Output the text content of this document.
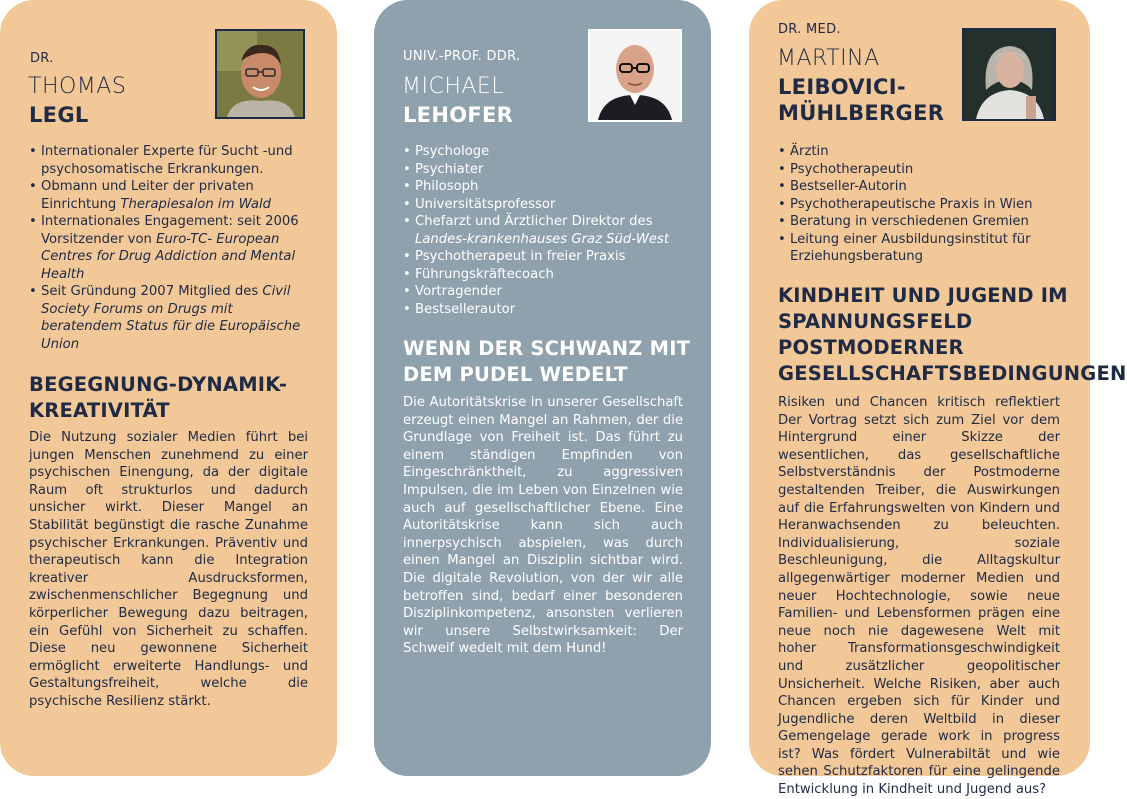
DR.
THOMAS
LEGL
• Internationaler Experte für Sucht -und psychosomatische Erkrankungen.
• Obmann und Leiter der privaten Einrichtung Therapiesalon im Wald
• Internationales Engagement: seit 2006 Vorsitzender von Euro-TC- European Centres for Drug Addiction and Mental Health
• Seit Gründung 2007 Mitglied des Civil Society Forums on Drugs mit beratendem Status für die Europäische Union
BEGEGNUNG-DYNAMIK-KREATIVITÄT
Die Nutzung sozialer Medien führt bei jungen Menschen zunehmend zu einer psychischen Einengung, da der digitale Raum oft strukturlos und dadurch unsicher wirkt. Dieser Mangel an Stabilität begünstigt die rasche Zunahme psychischer Erkrankungen. Präventiv und therapeutisch kann die Integration kreativer Ausdrucksformen, zwischenmenschlicher Begegnung und körperlicher Bewegung dazu beitragen, ein Gefühl von Sicherheit zu schaffen. Diese neu gewonnene Sicherheit ermöglicht erweiterte Handlungs- und Gestaltungsfreiheit, welche die psychische Resilienz stärkt.
UNIV.-PROF. DDR.
MICHAEL
LEHOFER
• Psychologe
• Psychiater
• Philosoph
• Universitätsprofessor
• Chefarzt und Ärztlicher Direktor des Landes-krankenhauses Graz Süd-West
• Psychotherapeut in freier Praxis
• Führungskräftecoach
• Vortragender
• Bestsellerautor
WENN DER SCHWANZ MIT DEM PUDEL WEDELT
Die Autoritätskrise in unserer Gesellschaft erzeugt einen Mangel an Rahmen, der die Grundlage von Freiheit ist. Das führt zu einem ständigen Empfinden von Eingeschränktheit, zu aggressiven Impulsen, die im Leben von Einzelnen wie auch auf gesellschaftlicher Ebene. Eine Autoritätskrise kann sich auch innerpsychisch abspielen, was durch einen Mangel an Disziplin sichtbar wird. Die digitale Revolution, von der wir alle betroffen sind, bedarf einer besonderen Disziplinkompetenz, ansonsten verlieren wir unsere Selbstwirksamkeit: Der Schweif wedelt mit dem Hund!
DR. MED.
MARTINA
LEIBOVICI-MÜHLBERGER
• Ärztin
• Psychotherapeutin
• Bestseller-Autorin
• Psychotherapeutische Praxis in Wien
• Beratung in verschiedenen Gremien
• Leitung einer Ausbildungsinstitut für Erziehungsberatung
KINDHEIT UND JUGEND IM SPANNUNGSFELD POSTMODERNER GESELLSCHAFTSBEDINGUNGEN
Risiken und Chancen kritisch reflektiert Der Vortrag setzt sich zum Ziel vor dem Hintergrund einer Skizze der wesentlichen, das gesellschaftliche Selbstverständnis der Postmoderne gestaltenden Treiber, die Auswirkungen auf die Erfahrungswelten von Kindern und Heranwachsenden zu beleuchten. Individualisierung, soziale Beschleunigung, die Alltagskultur allgegenwärtiger moderner Medien und neuer Hochtechnologie, sowie neue Familien- und Lebensformen prägen eine neue noch nie dagewesene Welt mit hoher Transformationsgeschwindigkeit und zusätzlicher geopolitischer Unsicherheit. Welche Risiken, aber auch Chancen ergeben sich für Kinder und Jugendliche deren Weltbild in dieser Gemengelage gerade work in progress ist? Was fördert Vulnerabiltät und wie sehen Schutzfaktoren für eine gelingende Entwicklung in Kindheit und Jugend aus?
